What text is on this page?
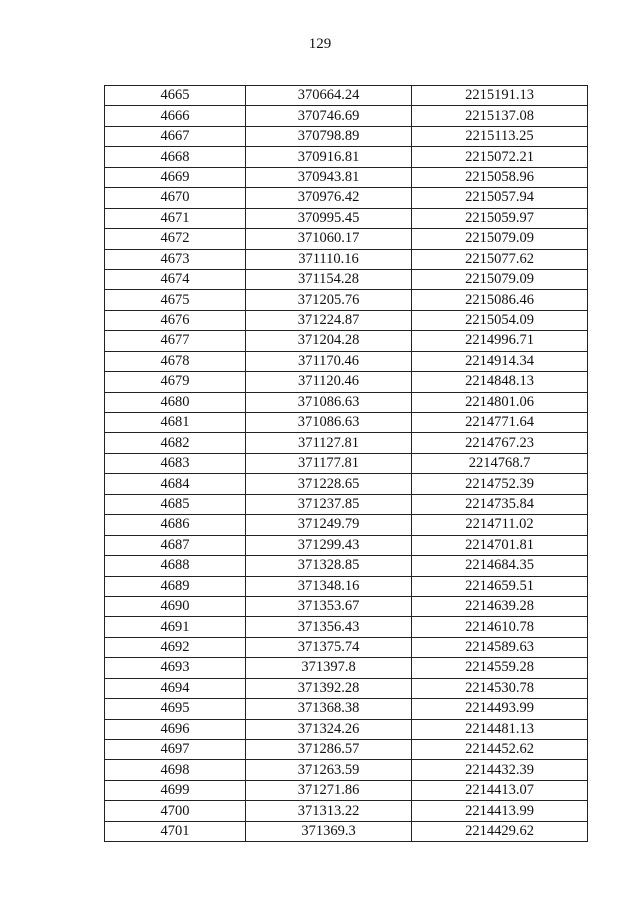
129
4665	370664.24	2215191.13
4666	370746.69	2215137.08
4667	370798.89	2215113.25
4668	370916.81	2215072.21
4669	370943.81	2215058.96
4670	370976.42	2215057.94
4671	370995.45	2215059.97
4672	371060.17	2215079.09
4673	371110.16	2215077.62
4674	371154.28	2215079.09
4675	371205.76	2215086.46
4676	371224.87	2215054.09
4677	371204.28	2214996.71
4678	371170.46	2214914.34
4679	371120.46	2214848.13
4680	371086.63	2214801.06
4681	371086.63	2214771.64
4682	371127.81	2214767.23
4683	371177.81	2214768.7
4684	371228.65	2214752.39
4685	371237.85	2214735.84
4686	371249.79	2214711.02
4687	371299.43	2214701.81
4688	371328.85	2214684.35
4689	371348.16	2214659.51
4690	371353.67	2214639.28
4691	371356.43	2214610.78
4692	371375.74	2214589.63
4693	371397.8	2214559.28
4694	371392.28	2214530.78
4695	371368.38	2214493.99
4696	371324.26	2214481.13
4697	371286.57	2214452.62
4698	371263.59	2214432.39
4699	371271.86	2214413.07
4700	371313.22	2214413.99
4701	371369.3	2214429.62
